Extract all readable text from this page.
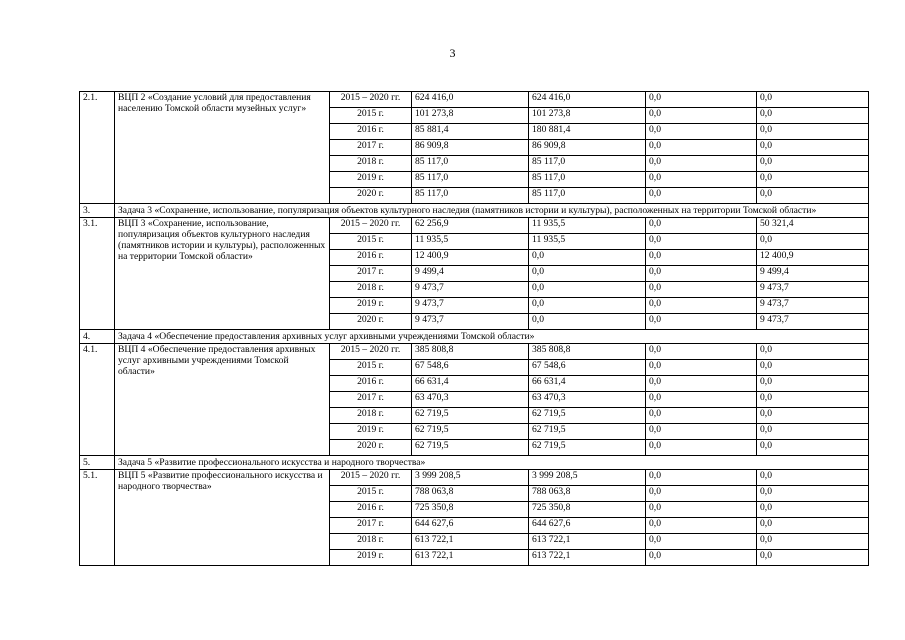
3
2.1.	ВЦП 2 «Создание условий для предоставления населению Томской области музейных услуг»	2015 – 2020 гг.	624 416,0	624 416,0	0,0	0,0
		2015 г.	101 273,8	101 273,8	0,0	0,0
		2016 г.	85 881,4	180 881,4	0,0	0,0
		2017 г.	86 909,8	86 909,8	0,0	0,0
		2018 г.	85 117,0	85 117,0	0,0	0,0
		2019 г.	85 117,0	85 117,0	0,0	0,0
		2020 г.	85 117,0	85 117,0	0,0	0,0
3.	Задача 3 «Сохранение, использование, популяризация объектов культурного наследия (памятников истории и культуры), расположенных на территории Томской области»					
3.1.	ВЦП 3 «Сохранение, использование, популяризация объектов культурного наследия (памятников истории и культуры), расположенных на территории Томской области»	2015 – 2020 гг.	62 256,9	11 935,5	0,0	50 321,4
		2015 г.	11 935,5	11 935,5	0,0	0,0
		2016 г.	12 400,9	0,0	0,0	12 400,9
		2017 г.	9 499,4	0,0	0,0	9 499,4
		2018 г.	9 473,7	0,0	0,0	9 473,7
		2019 г.	9 473,7	0,0	0,0	9 473,7
		2020 г.	9 473,7	0,0	0,0	9 473,7
4.	Задача 4 «Обеспечение предоставления архивных услуг архивными учреждениями Томской области»					
4.1.	ВЦП 4 «Обеспечение предоставления архивных услуг архивными учреждениями Томской области»	2015 – 2020 гг.	385 808,8	385 808,8	0,0	0,0
		2015 г.	67 548,6	67 548,6	0,0	0,0
		2016 г.	66 631,4	66 631,4	0,0	0,0
		2017 г.	63 470,3	63 470,3	0,0	0,0
		2018 г.	62 719,5	62 719,5	0,0	0,0
		2019 г.	62 719,5	62 719,5	0,0	0,0
		2020 г.	62 719,5	62 719,5	0,0	0,0
5.	Задача 5 «Развитие профессионального искусства и народного творчества»					
5.1.	ВЦП 5 «Развитие профессионального искусства и народного творчества»	2015 – 2020 гг.	3 999 208,5	3 999 208,5	0,0	0,0
		2015 г.	788 063,8	788 063,8	0,0	0,0
		2016 г.	725 350,8	725 350,8	0,0	0,0
		2017 г.	644 627,6	644 627,6	0,0	0,0
		2018 г.	613 722,1	613 722,1	0,0	0,0
		2019 г.	613 722,1	613 722,1	0,0	0,0
